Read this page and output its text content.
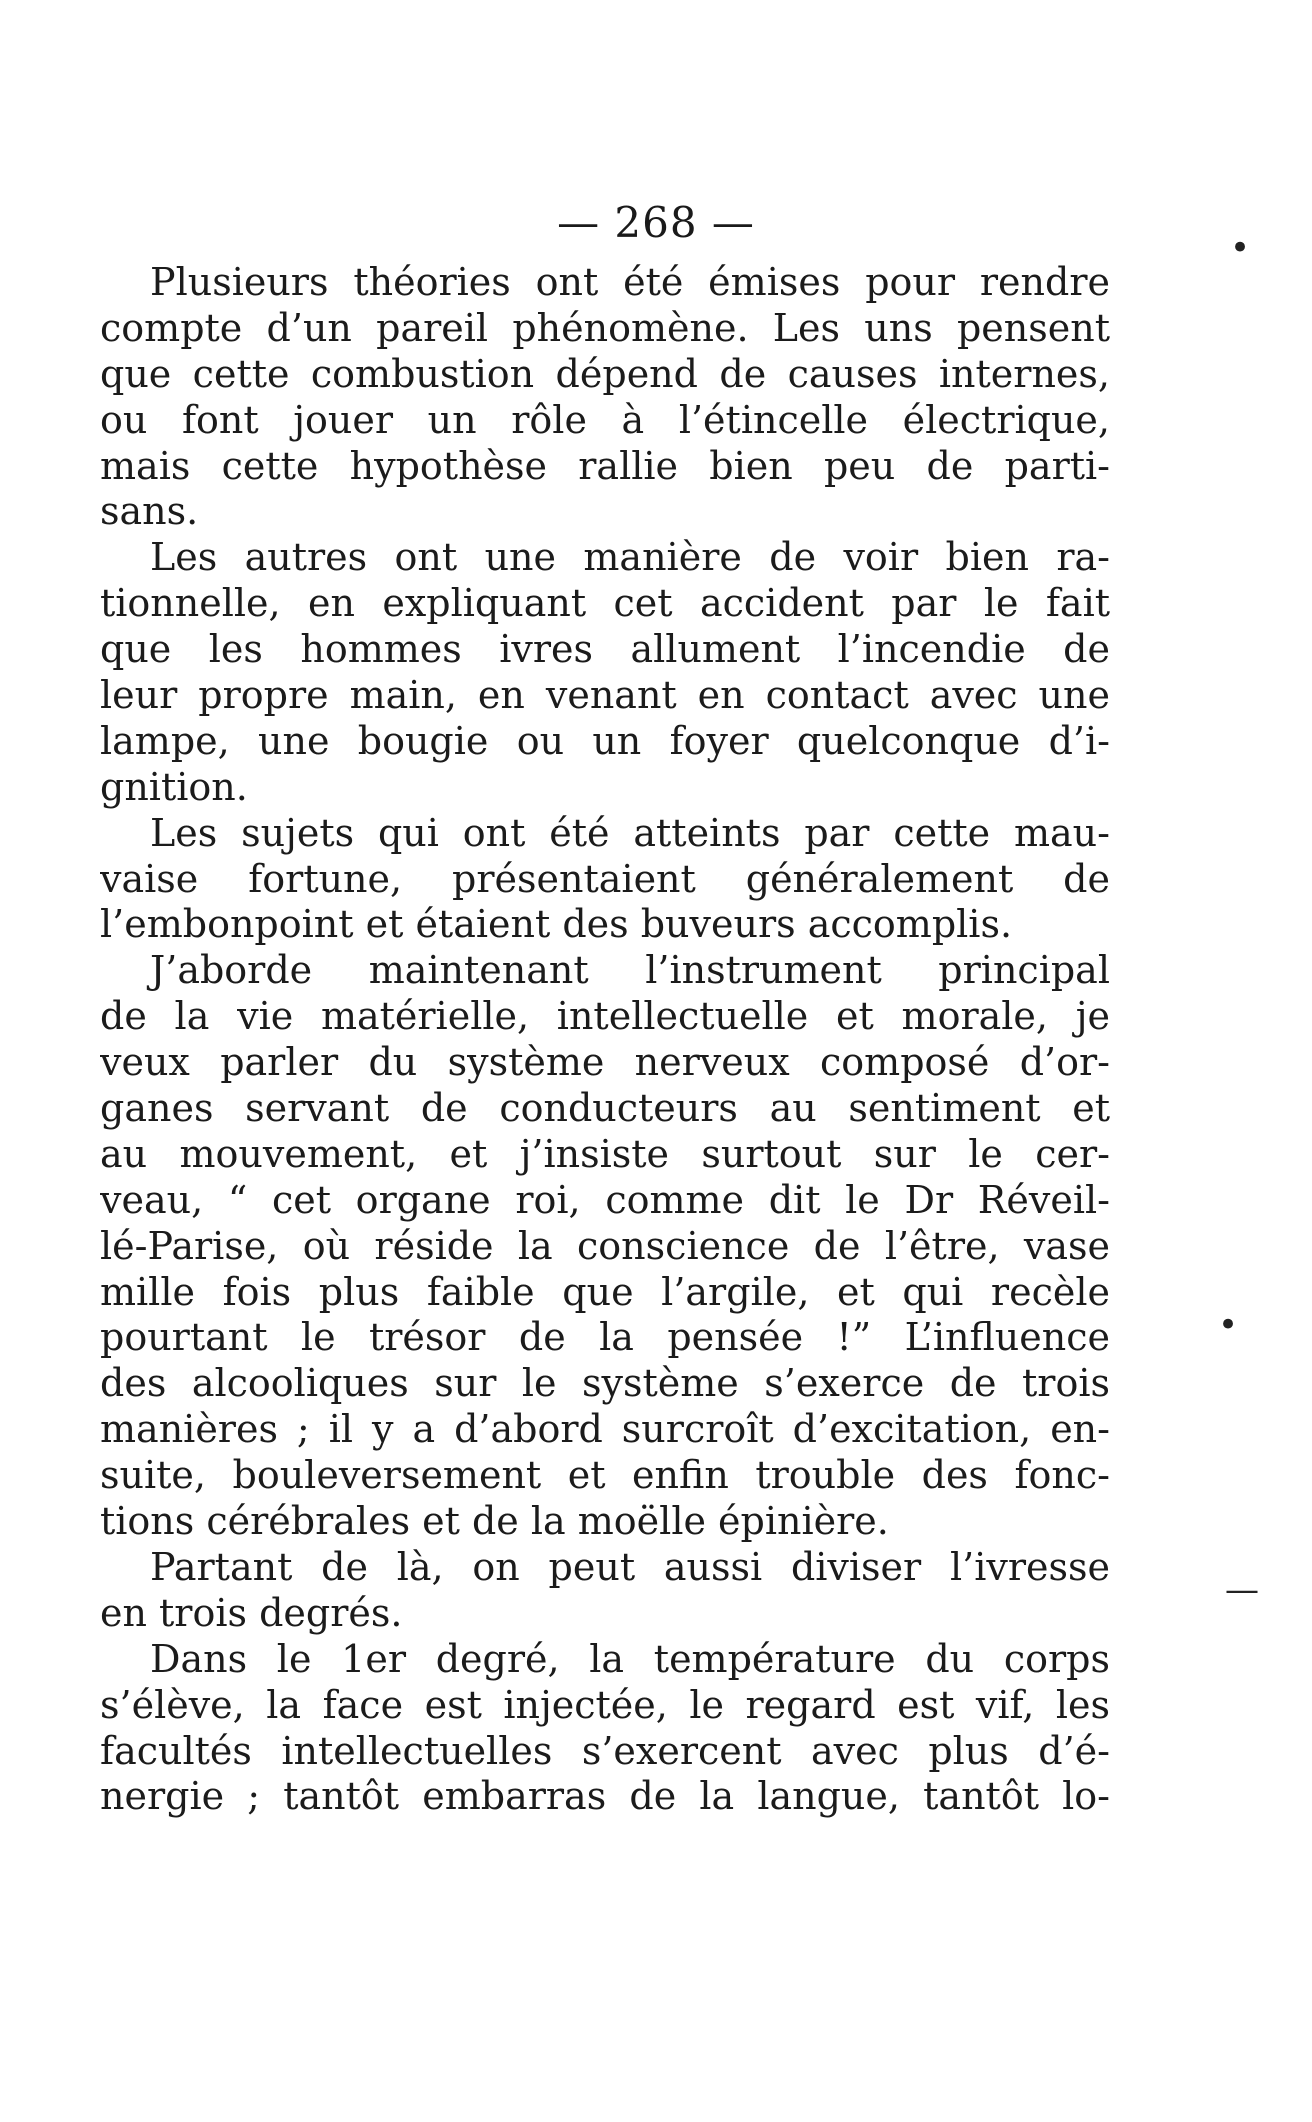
— 268 —
•
•
—
Plusieurs théories ont été émises pour rendre
compte d’un pareil phénomène. Les uns pensent
que cette combustion dépend de causes internes,
ou font jouer un rôle à l’étincelle électrique,
mais cette hypothèse rallie bien peu de parti-
sans.
Les autres ont une manière de voir bien ra-
tionnelle, en expliquant cet accident par le fait
que les hommes ivres allument l’incendie de
leur propre main, en venant en contact avec une
lampe, une bougie ou un foyer quelconque d’i-
gnition.
Les sujets qui ont été atteints par cette mau-
vaise fortune, présentaient généralement de
l’embonpoint et étaient des buveurs accomplis.
J’aborde maintenant l’instrument principal
de la vie matérielle, intellectuelle et morale, je
veux parler du système nerveux composé d’or-
ganes servant de conducteurs au sentiment et
au mouvement, et j’insiste surtout sur le cer-
veau, “ cet organe roi, comme dit le Dr Réveil-
lé-Parise, où réside la conscience de l’être, vase
mille fois plus faible que l’argile, et qui recèle
pourtant le trésor de la pensée !” L’influence
des alcooliques sur le système s’exerce de trois
manières ; il y a d’abord surcroît d’excitation, en-
suite, bouleversement et enfin trouble des fonc-
tions cérébrales et de la moëlle épinière.
Partant de là, on peut aussi diviser l’ivresse
en trois degrés.
Dans le 1er degré, la température du corps
s’élève, la face est injectée, le regard est vif, les
facultés intellectuelles s’exercent avec plus d’é-
nergie ; tantôt embarras de la langue, tantôt lo-
